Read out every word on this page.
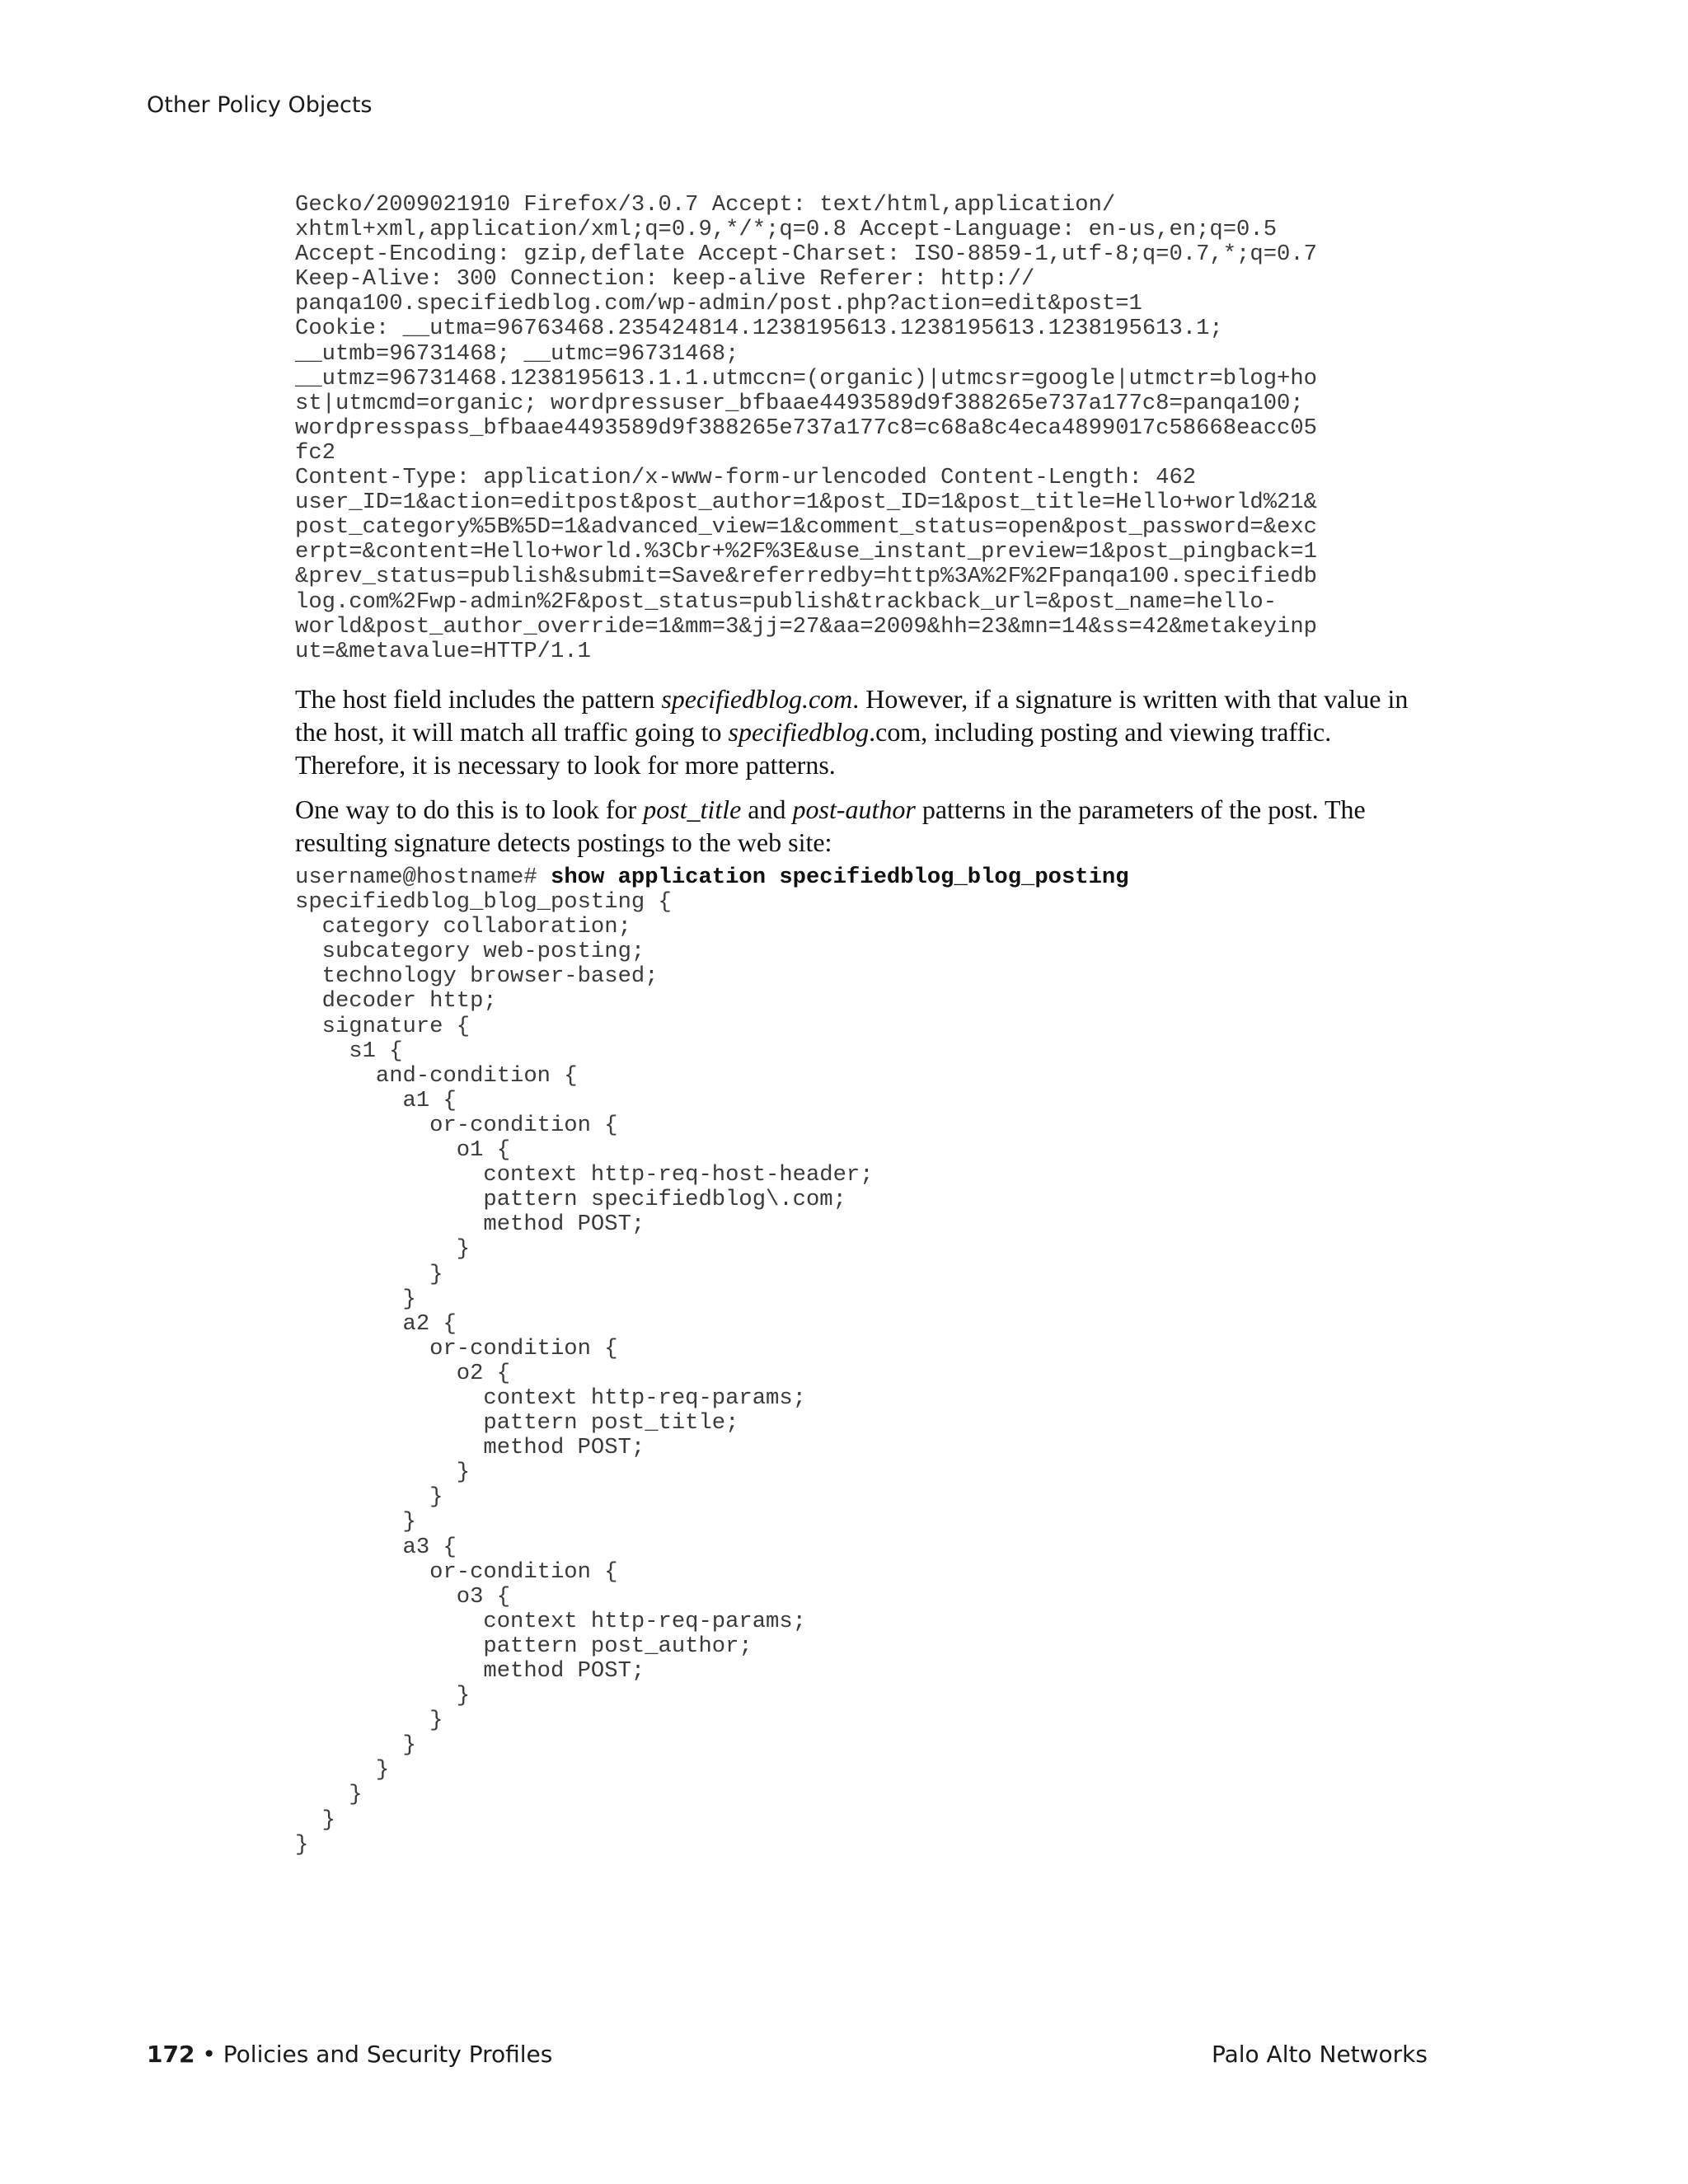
Other Policy Objects
Gecko/2009021910 Firefox/3.0.7 Accept: text/html,application/
xhtml+xml,application/xml;q=0.9,*/*;q=0.8 Accept-Language: en-us,en;q=0.5
Accept-Encoding: gzip,deflate Accept-Charset: ISO-8859-1,utf-8;q=0.7,*;q=0.7
Keep-Alive: 300 Connection: keep-alive Referer: http://
panqa100.specifiedblog.com/wp-admin/post.php?action=edit&post=1
Cookie: __utma=96763468.235424814.1238195613.1238195613.1238195613.1;
__utmb=96731468; __utmc=96731468;
__utmz=96731468.1238195613.1.1.utmccn=(organic)|utmcsr=google|utmctr=blog+ho
st|utmcmd=organic; wordpressuser_bfbaae4493589d9f388265e737a177c8=panqa100;
wordpresspass_bfbaae4493589d9f388265e737a177c8=c68a8c4eca4899017c58668eacc05
fc2
Content-Type: application/x-www-form-urlencoded Content-Length: 462
user_ID=1&action=editpost&post_author=1&post_ID=1&post_title=Hello+world%21&
post_category%5B%5D=1&advanced_view=1&comment_status=open&post_password=&exc
erpt=&content=Hello+world.%3Cbr+%2F%3E&use_instant_preview=1&post_pingback=1
&prev_status=publish&submit=Save&referredby=http%3A%2F%2Fpanqa100.specifiedb
log.com%2Fwp-admin%2F&post_status=publish&trackback_url=&post_name=hello-
world&post_author_override=1&mm=3&jj=27&aa=2009&hh=23&mn=14&ss=42&metakeyinp
ut=&metavalue=HTTP/1.1

The host field includes the pattern specifiedblog.com. However, if a signature is written with that value in the host, it will match all traffic going to specifiedblog.com, including posting and viewing traffic. Therefore, it is necessary to look for more patterns.

One way to do this is to look for post_title and post-author patterns in the parameters of the post. The resulting signature detects postings to the web site:

username@hostname# show application specifiedblog_blog_posting
specifiedblog_blog_posting {
category collaboration;
subcategory web-posting;
technology browser-based;
decoder http;
signature {
s1 {
and-condition {
a1 {
or-condition {
o1 {
context http-req-host-header;
pattern specifiedblog\.com;
method POST;
}
}
}
a2 {
or-condition {
o2 {
context http-req-params;
pattern post_title;
method POST;
}
}
}
a3 {
or-condition {
o3 {
context http-req-params;
pattern post_author;
method POST;
}
}
}
}
}
}
}
172 • Policies and Security Profiles	Palo Alto Networks
